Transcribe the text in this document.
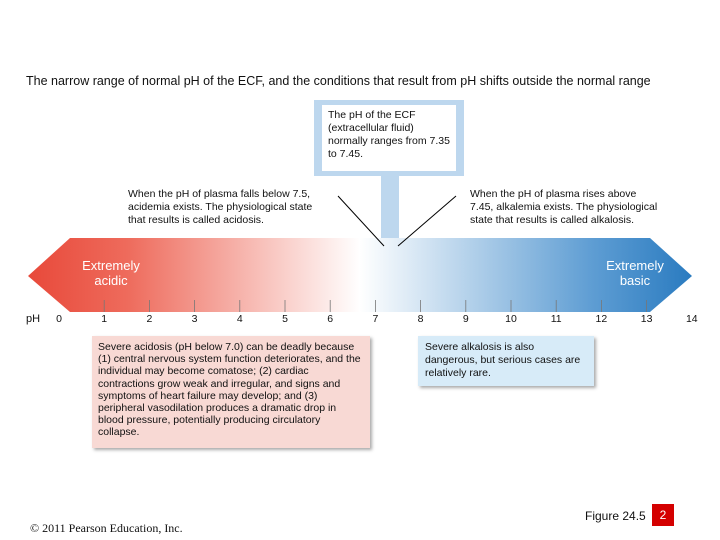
The narrow range of normal pH of the ECF, and the conditions that result from pH shifts outside the normal range
The pH of the ECF (extracellular fluid) normally ranges from 7.35 to 7.45.
When the pH of plasma falls below 7.5, acidemia exists. The physiological state that results is called acidosis.
When the pH of plasma rises above 7.45, alkalemia exists. The physiological state that results is called alkalosis.
Extremely acidic
Extremely basic
pH	0	1	2	3	4	5	6	7	8	9	10	11	12	13	14
Severe acidosis (pH below 7.0) can be deadly because (1) central nervous system function deteriorates, and the individual may become comatose; (2) cardiac contractions grow weak and irregular, and signs and symptoms of heart failure may develop; and (3) peripheral vasodilation produces a dramatic drop in blood pressure, potentially producing circulatory collapse.
Severe alkalosis is also dangerous, but serious cases are relatively rare.
© 2011 Pearson Education, Inc.
Figure 24.5	2
